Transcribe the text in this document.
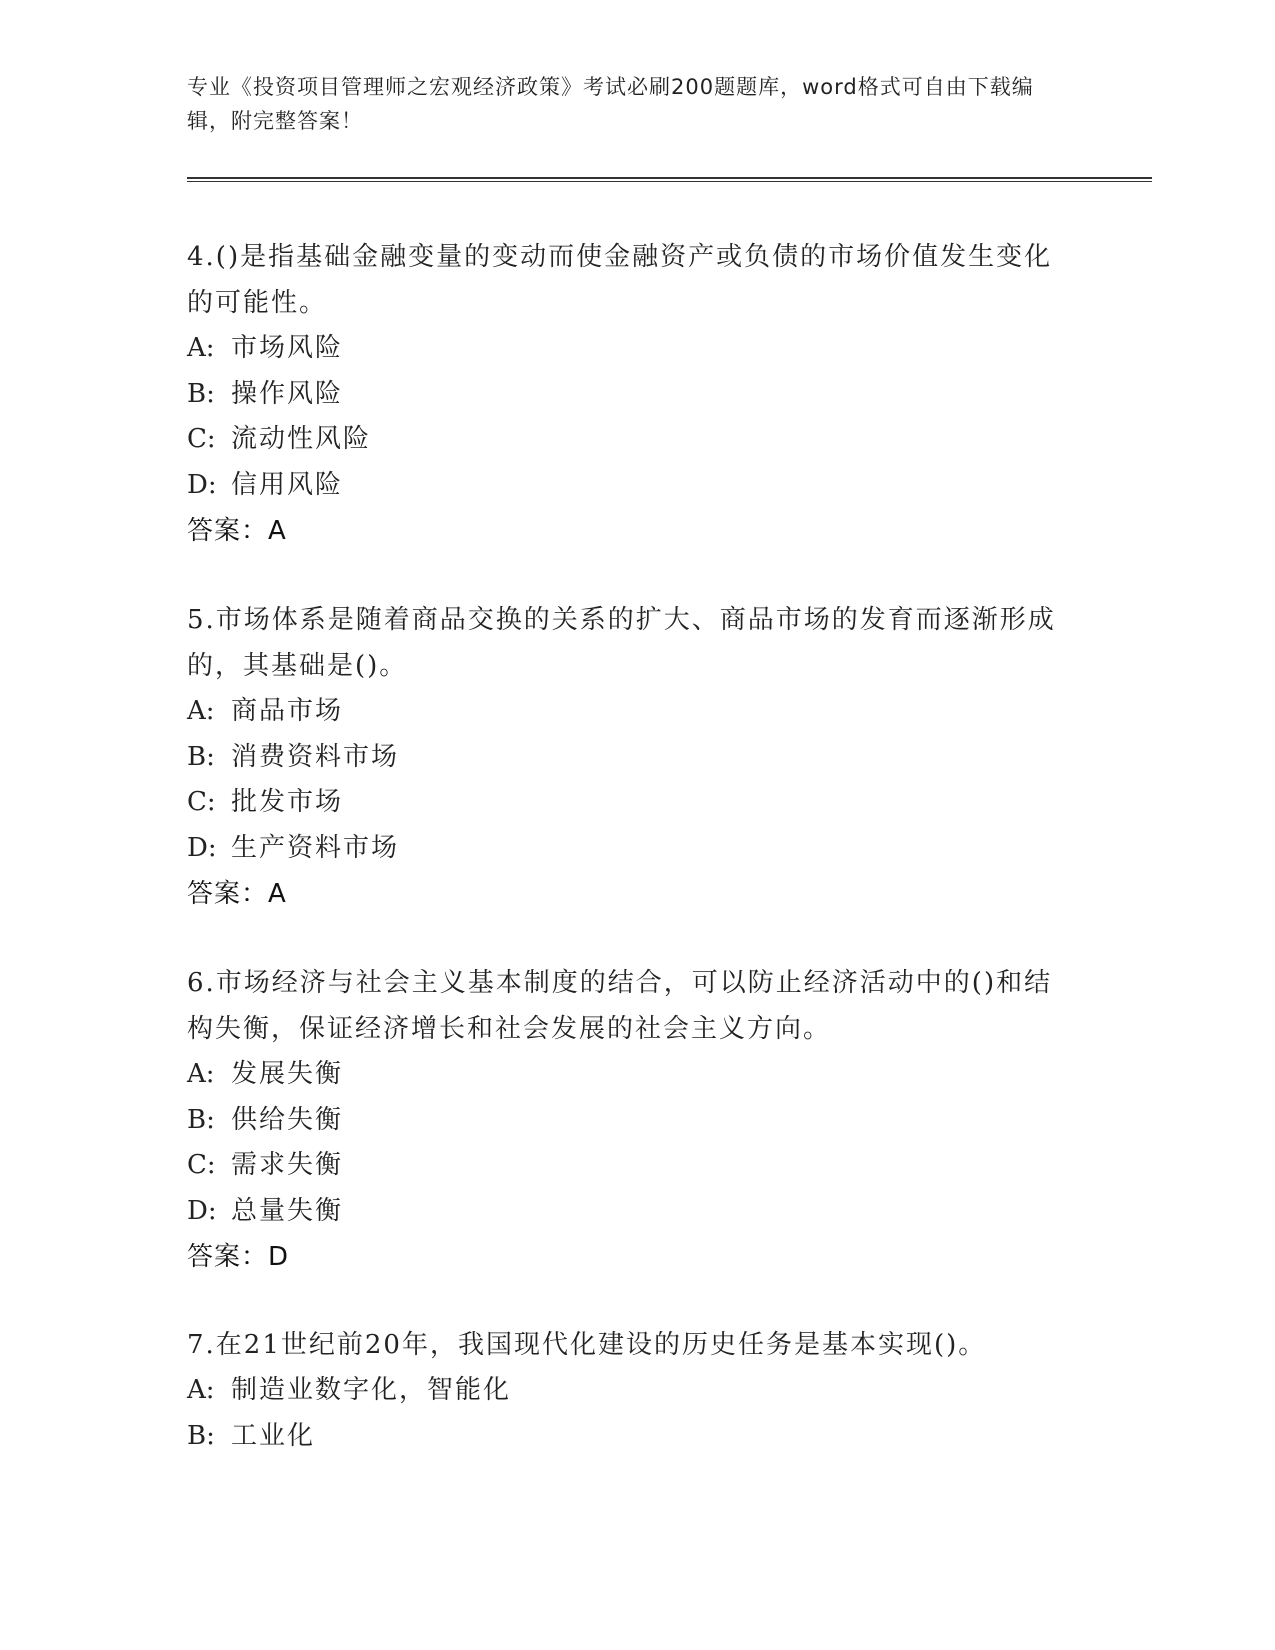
专业《投资项目管理师之宏观经济政策》考试必刷200题题库，word格式可自由下载编辑，附完整答案！

4.()是指基础金融变量的变动而使金融资产或负债的市场价值发生变化的可能性。

A: 市场风险

B: 操作风险

C: 流动性风险

D: 信用风险

答案：A

5.市场体系是随着商品交换的关系的扩大、商品市场的发育而逐渐形成的，其基础是()。

A: 商品市场

B: 消费资料市场

C: 批发市场

D: 生产资料市场

答案：A

6.市场经济与社会主义基本制度的结合，可以防止经济活动中的()和结构失衡，保证经济增长和社会发展的社会主义方向。

A: 发展失衡

B: 供给失衡

C: 需求失衡

D: 总量失衡

答案：D

7.在21世纪前20年，我国现代化建设的历史任务是基本实现()。

A: 制造业数字化，智能化

B: 工业化
